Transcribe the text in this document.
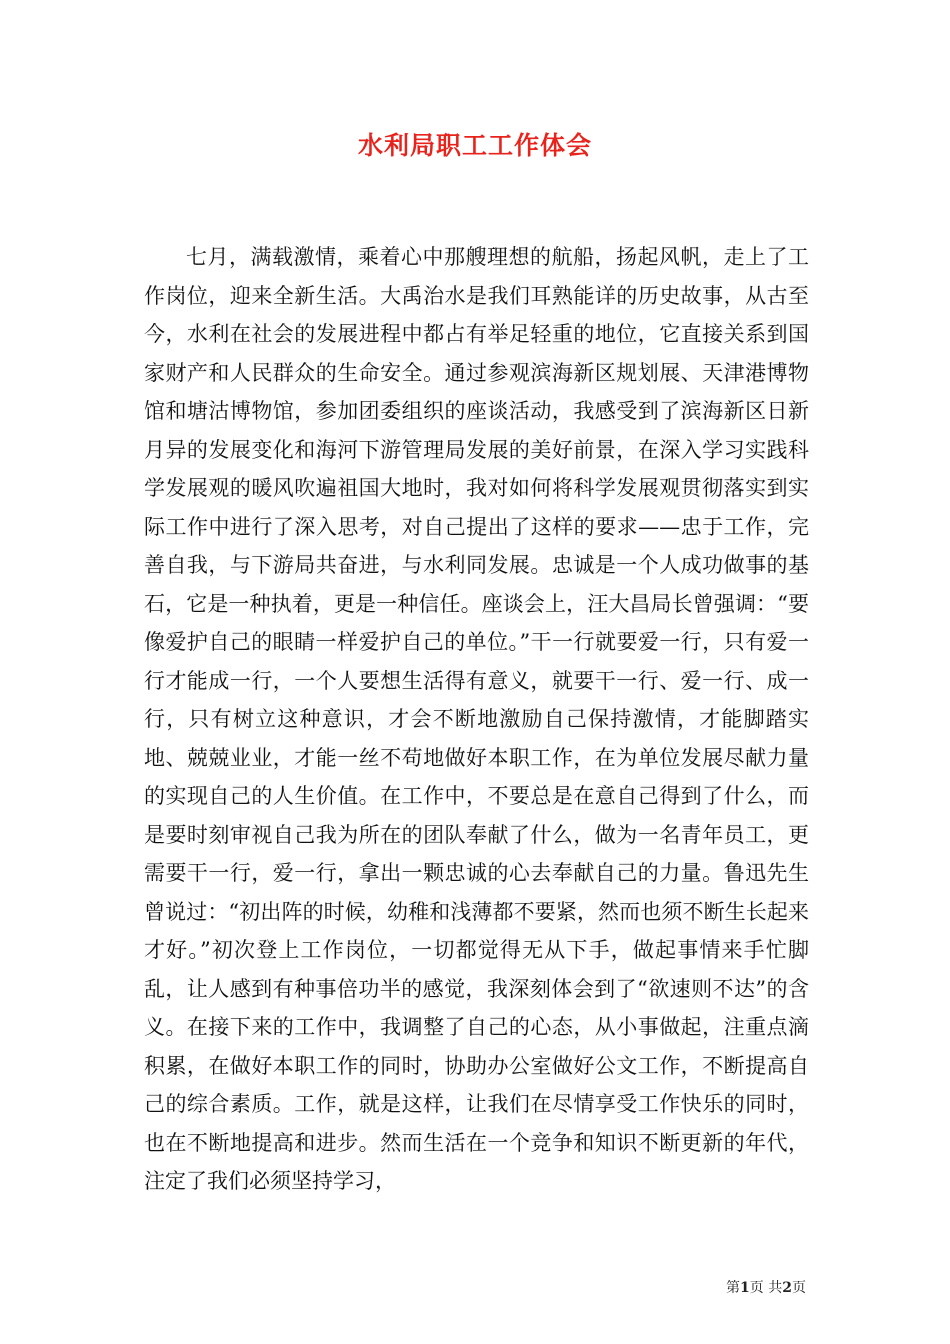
水利局职工工作体会

七月，满载激情，乘着心中那艘理想的航船，扬起风帆，走上了工作岗位，迎来全新生活。大禹治水是我们耳熟能详的历史故事，从古至今，水利在社会的发展进程中都占有举足轻重的地位，它直接关系到国家财产和人民群众的生命安全。通过参观滨海新区规划展、天津港博物馆和塘沽博物馆，参加团委组织的座谈活动，我感受到了滨海新区日新月异的发展变化和海河下游管理局发展的美好前景，在深入学习实践科学发展观的暖风吹遍祖国大地时，我对如何将科学发展观贯彻落实到实际工作中进行了深入思考，对自己提出了这样的要求——忠于工作，完善自我，与下游局共奋进，与水利同发展。忠诚是一个人成功做事的基石，它是一种执着，更是一种信任。座谈会上，汪大昌局长曾强调：“要像爱护自己的眼睛一样爱护自己的单位。”干一行就要爱一行，只有爱一行才能成一行，一个人要想生活得有意义，就要干一行、爱一行、成一行，只有树立这种意识，才会不断地激励自己保持激情，才能脚踏实地、兢兢业业，才能一丝不苟地做好本职工作，在为单位发展尽献力量的实现自己的人生价值。在工作中，不要总是在意自己得到了什么，而是要时刻审视自己我为所在的团队奉献了什么，做为一名青年员工，更需要干一行，爱一行，拿出一颗忠诚的心去奉献自己的力量。鲁迅先生曾说过：“初出阵的时候，幼稚和浅薄都不要紧，然而也须不断生长起来才好。”初次登上工作岗位，一切都觉得无从下手，做起事情来手忙脚乱，让人感到有种事倍功半的感觉，我深刻体会到了“欲速则不达”的含义。在接下来的工作中，我调整了自己的心态，从小事做起，注重点滴积累，在做好本职工作的同时，协助办公室做好公文工作，不断提高自己的综合素质。工作，就是这样，让我们在尽情享受工作快乐的同时，也在不断地提高和进步。然而生活在一个竞争和知识不断更新的年代，注定了我们必须坚持学习，

第1页 共2页
